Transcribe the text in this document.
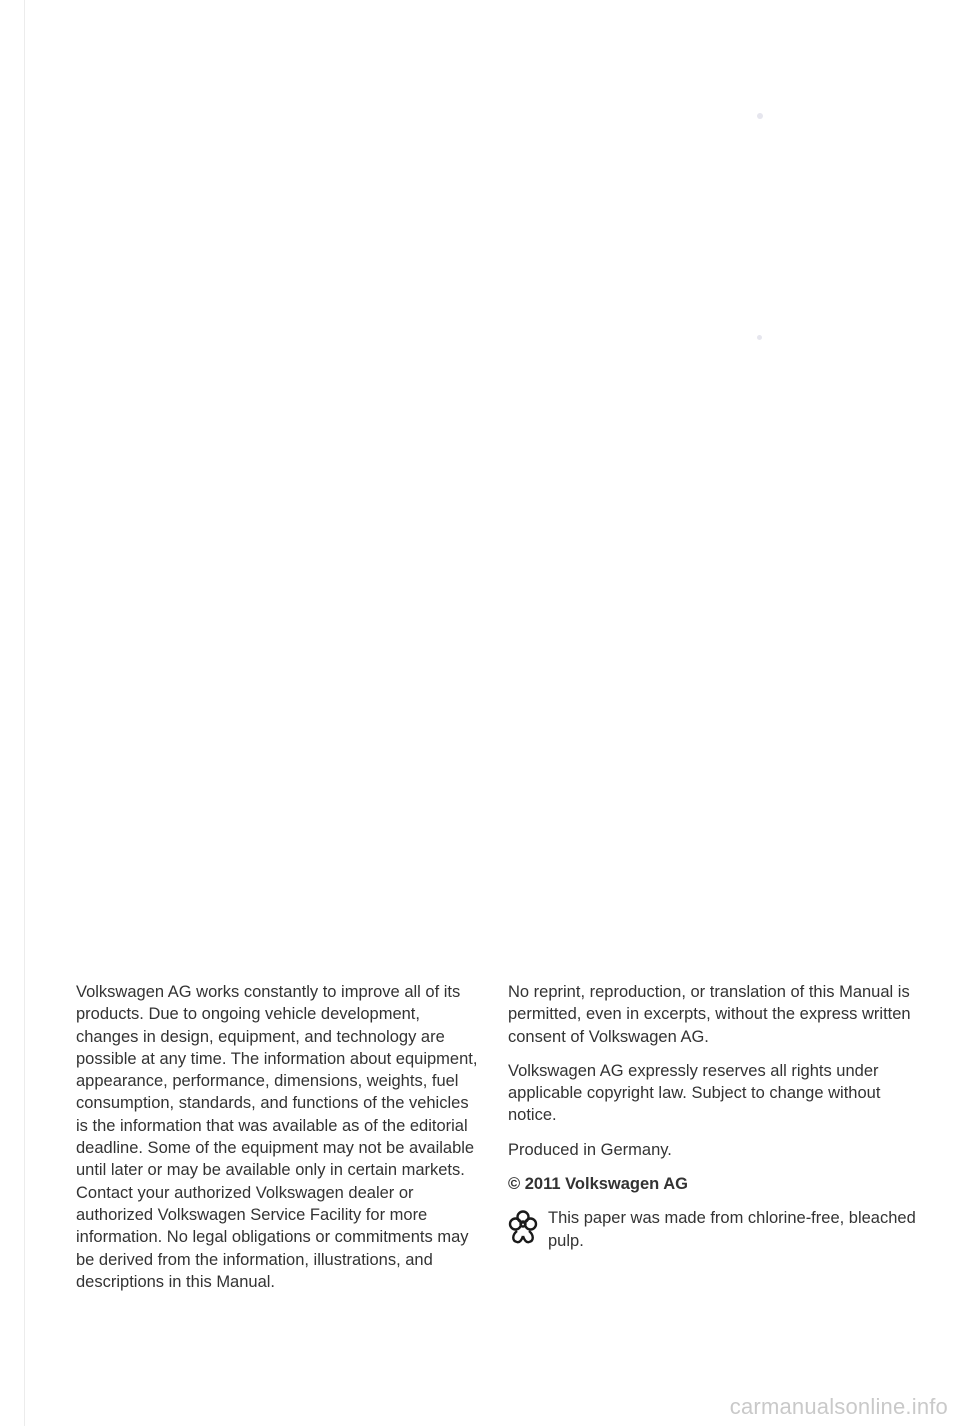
Volkswagen AG works constantly to improve all of its products. Due to ongoing vehicle development, changes in design, equipment, and technology are possible at any time. The information about equipment, appearance, performance, dimensions, weights, fuel consumption, standards, and functions of the vehicles is the information that was available as of the editorial deadline. Some of the equipment may not be available until later or may be available only in certain markets. Contact your authorized Volkswagen dealer or authorized Volkswagen Service Facility for more information. No legal obligations or commitments may be derived from the information, illustrations, and descriptions in this Manual.

No reprint, reproduction, or translation of this Manual is permitted, even in excerpts, without the express written consent of Volkswagen AG.

Volkswagen AG expressly reserves all rights under applicable copyright law. Subject to change without notice.

Produced in Germany.

© 2011 Volkswagen AG

This paper was made from chlorine-free, bleached pulp.

carmanualsonline.info
